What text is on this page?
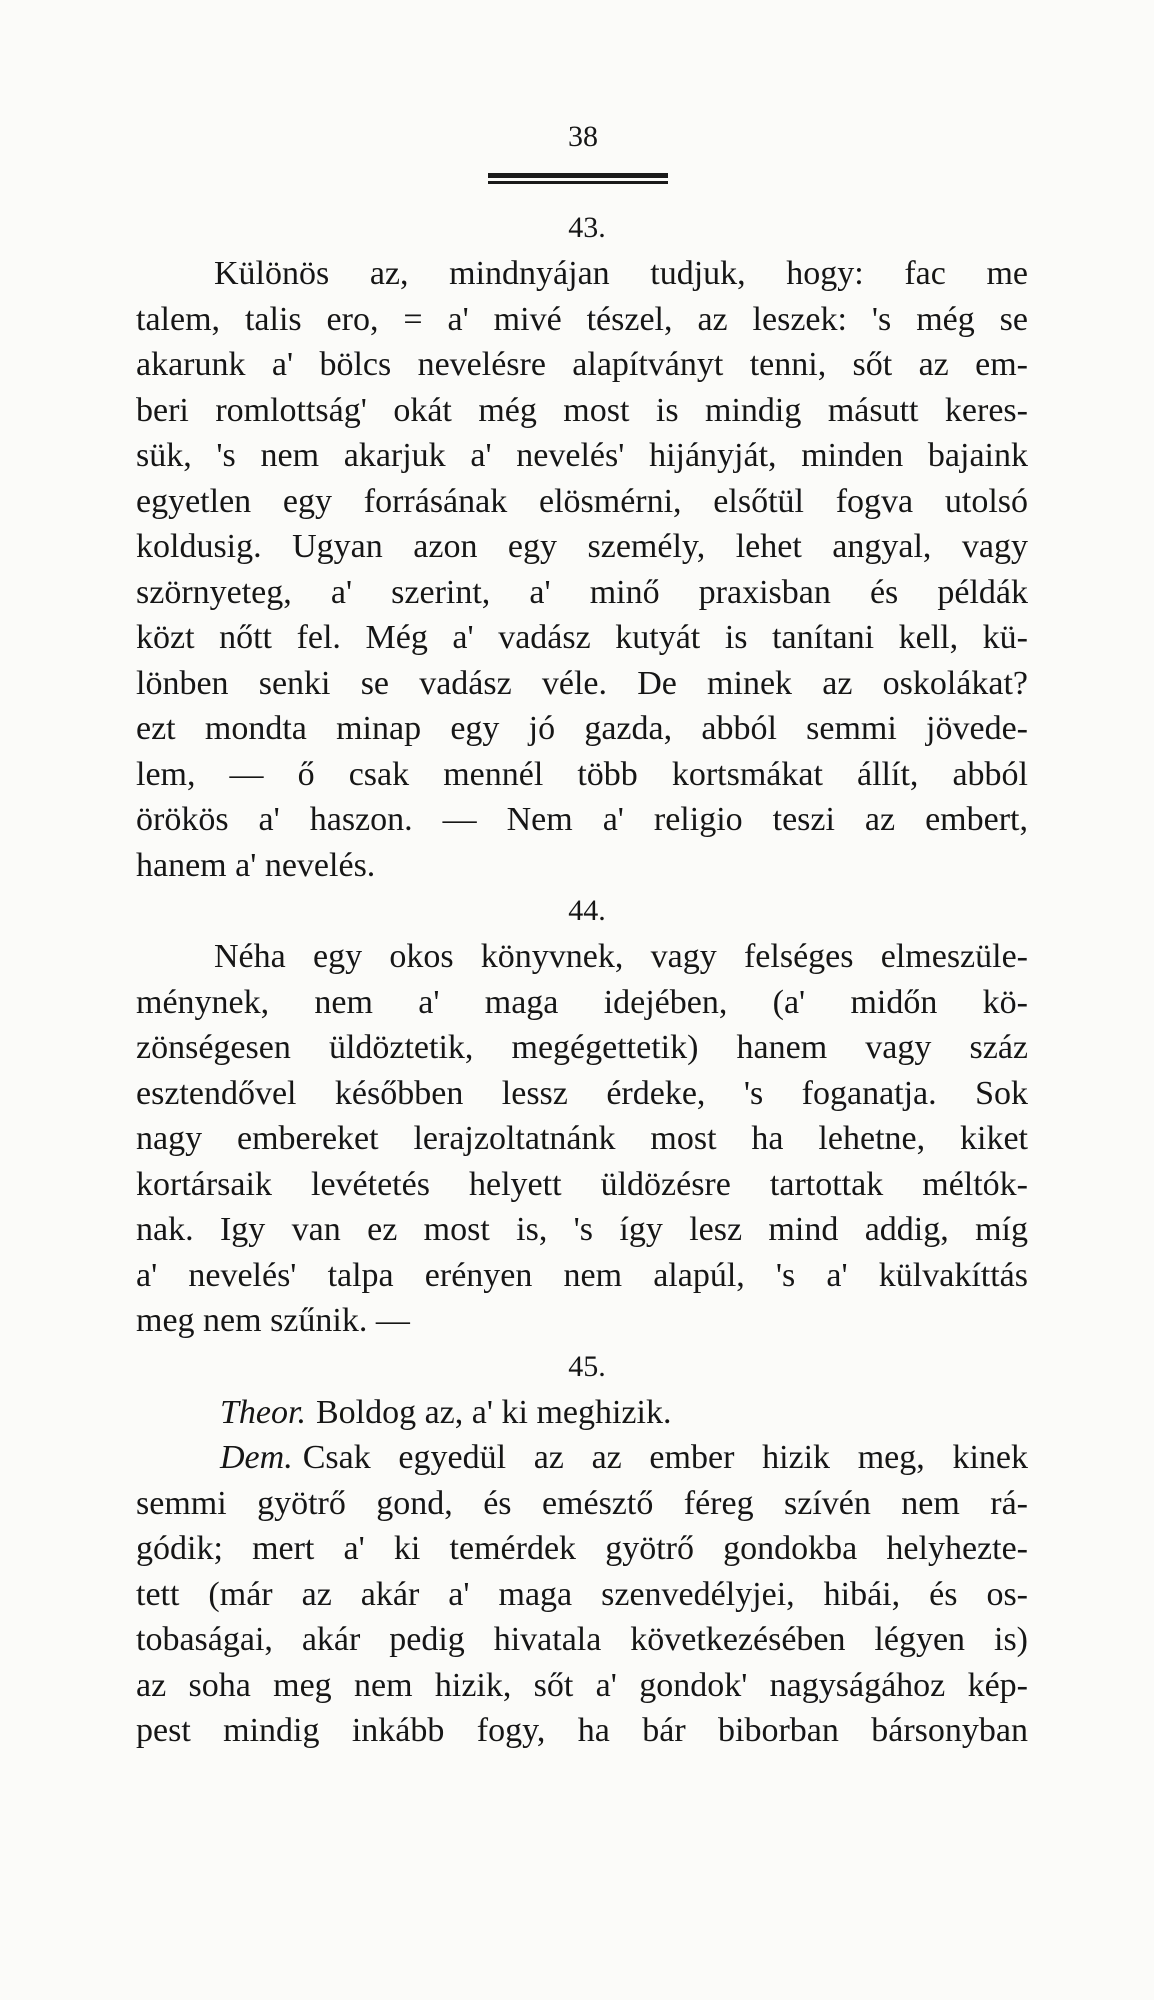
38
43.
Különös az, mindnyájan tudjuk, hogy: fac me
talem, talis ero, = a' mivé tészel, az leszek: 's még se
akarunk a' bölcs nevelésre alapítványt tenni, sőt az em-
beri romlottság' okát még most is mindig másutt keres-
sük, 's nem akarjuk a' nevelés' hijányját, minden bajaink
egyetlen egy forrásának elösmérni, elsőtül fogva utolsó
koldusig. Ugyan azon egy személy, lehet angyal, vagy
szörnyeteg, a' szerint, a' minő praxisban és példák
közt nőtt fel. Még a' vadász kutyát is tanítani kell, kü-
lönben senki se vadász véle. De minek az oskolákat?
ezt mondta minap egy jó gazda, abból semmi jövede-
lem, — ő csak mennél több kortsmákat állít, abból
örökös a' haszon. — Nem a' religio teszi az embert,
hanem a' nevelés.
44.
Néha egy okos könyvnek, vagy felséges elmeszüle-
ménynek, nem a' maga idejében, (a' midőn kö-
zönségesen üldöztetik, megégettetik) hanem vagy száz
esztendővel későbben lessz érdeke, 's foganatja. Sok
nagy embereket lerajzoltatnánk most ha lehetne, kiket
kortársaik levétetés helyett üldözésre tartottak méltók-
nak. Igy van ez most is, 's így lesz mind addig, míg
a' nevelés' talpa erényen nem alapúl, 's a' külvakíttás
meg nem szűnik. —
45.
Theor. Boldog az, a' ki meghizik.
Dem. Csak egyedül az az ember hizik meg, kinek
semmi gyötrő gond, és emésztő féreg szívén nem rá-
gódik; mert a' ki temérdek gyötrő gondokba helyhezte-
tett (már az akár a' maga szenvedélyjei, hibái, és os-
tobaságai, akár pedig hivatala következésében légyen is)
az soha meg nem hizik, sőt a' gondok' nagyságához kép-
pest mindig inkább fogy, ha bár biborban bársonyban
